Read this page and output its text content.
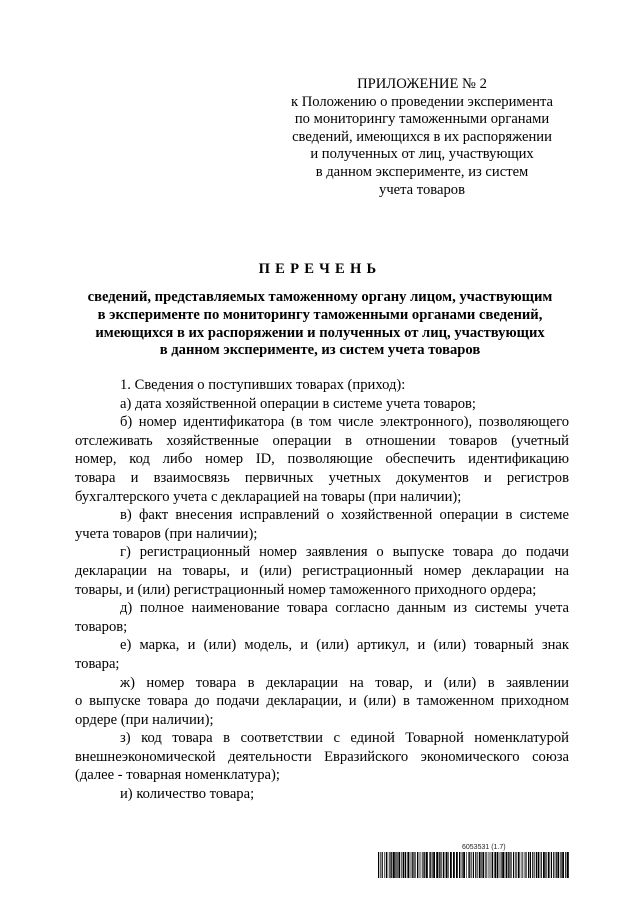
ПРИЛОЖЕНИЕ № 2
к Положению о проведении эксперимента
по мониторингу таможенными органами
сведений, имеющихся в их распоряжении
и полученных от лиц, участвующих
в данном эксперименте, из систем
учета товаров
ПЕРЕЧЕНЬ
сведений, представляемых таможенному органу лицом, участвующим
в эксперименте по мониторингу таможенными органами сведений,
имеющихся в их распоряжении и полученных от лиц, участвующих
в данном эксперименте, из систем учета товаров
1. Сведения о поступивших товарах (приход):
а) дата хозяйственной операции в системе учета товаров;
б) номер идентификатора (в том числе электронного), позволяющего
отслеживать хозяйственные операции в отношении товаров (учетный
номер, код либо номер ID, позволяющие обеспечить идентификацию
товара и взаимосвязь первичных учетных документов и регистров
бухгалтерского учета с декларацией на товары (при наличии);
в) факт внесения исправлений о хозяйственной операции в системе
учета товаров (при наличии);
г) регистрационный номер заявления о выпуске товара до подачи
декларации на товары, и (или) регистрационный номер декларации на
товары, и (или) регистрационный номер таможенного приходного ордера;
д) полное наименование товара согласно данным из системы учета
товаров;
е) марка, и (или) модель, и (или) артикул, и (или) товарный знак
товара;
ж) номер товара в декларации на товар, и (или) в заявлении
о выпуске товара до подачи декларации, и (или) в таможенном приходном
ордере (при наличии);
з) код товара в соответствии с единой Товарной номенклатурой
внешнеэкономической деятельности Евразийского экономического союза
(далее - товарная номенклатура);
и) количество товара;
6053531 (1.7)
